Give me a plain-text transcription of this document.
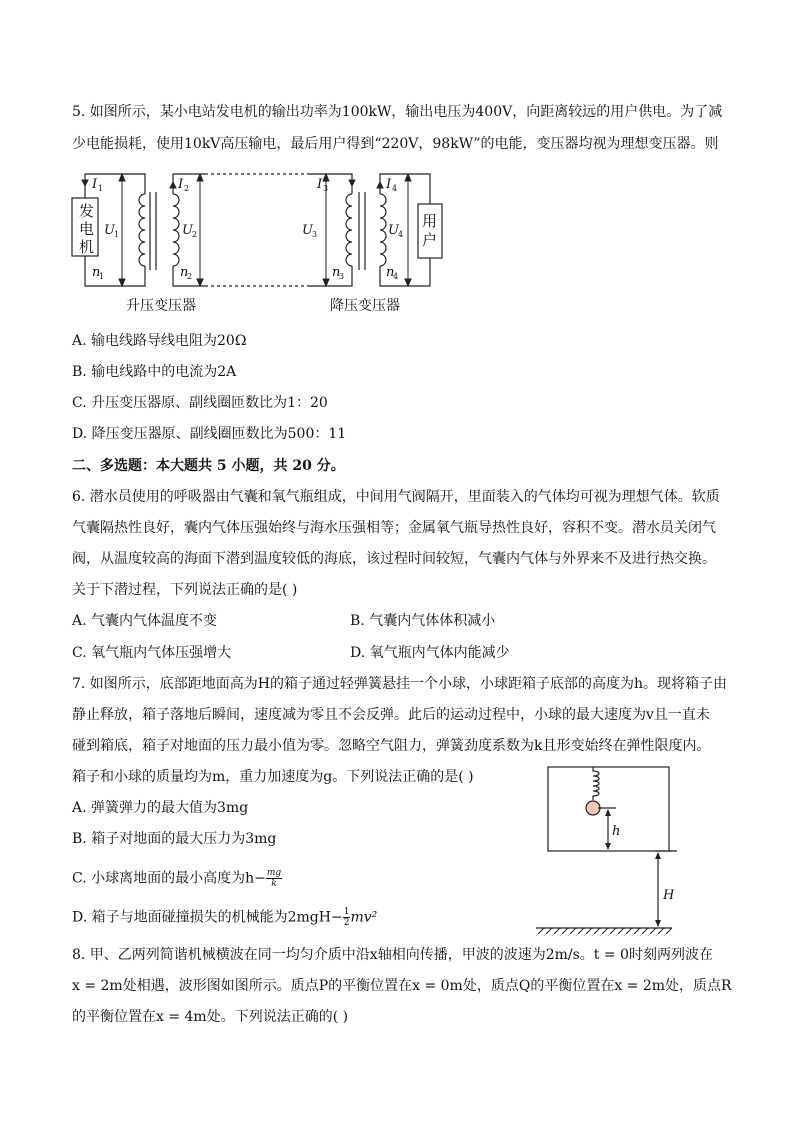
5. 如图所示，某小电站发电机的输出功率为100kW，输出电压为400V，向距离较远的用户供电。为了减
少电能损耗，使用10kV高压输电，最后用户得到“220V，98kW”的电能，变压器均视为理想变压器。则
发
电
机
用
户
I 1
U 1
n
1
I 2
U 2
n
2
I 3
U 3
n
3
I 4
U 4
n
4
升压变压器	降压变压器
A. 输电线路导线电阻为20Ω
B. 输电线路中的电流为2A
C. 升压变压器原、副线圈匝数比为1：20
D. 降压变压器原、副线圈匝数比为500：11
二、多选题：本大题共 5 小题，共 20 分。
6. 潜水员使用的呼吸器由气囊和氧气瓶组成，中间用气阀隔开，里面装入的气体均可视为理想气体。软质
气囊隔热性良好，囊内气体压强始终与海水压强相等；金属氧气瓶导热性良好，容积不变。潜水员关闭气
阀，从温度较高的海面下潜到温度较低的海底，该过程时间较短，气囊内气体与外界来不及进行热交换。
关于下潜过程，下列说法正确的是( )
A. 气囊内气体温度不变	B. 气囊内气体体积减小
C. 氧气瓶内气体压强增大	D. 氧气瓶内气体内能减少
7. 如图所示，底部距地面高为H的箱子通过轻弹簧悬挂一个小球，小球距箱子底部的高度为h。现将箱子由
静止释放，箱子落地后瞬间，速度减为零且不会反弹。此后的运动过程中，小球的最大速度为v且一直未
碰到箱底，箱子对地面的压力最小值为零。忽略空气阻力，弹簧劲度系数为k且形变始终在弹性限度内。
箱子和小球的质量均为m，重力加速度为g。下列说法正确的是( )
A. 弹簧弹力的最大值为3mg
B. 箱子对地面的最大压力为3mg
C. 小球离地面的最小高度为$h- \frac{mg}{k}$
D. 箱子与地面碰撞损失的机械能为$2mgH- \frac{1}{2} mv^2$
h
H
8. 甲、乙两列简谐机械横波在同一均匀介质中沿x轴相向传播，甲波的波速为2m/s。t = 0时刻两列波在
x = 2m处相遇，波形图如图所示。质点P的平衡位置在x = 0m处，质点Q的平衡位置在x = 2m处，质点R
的平衡位置在x = 4m处。下列说法正确的( )
